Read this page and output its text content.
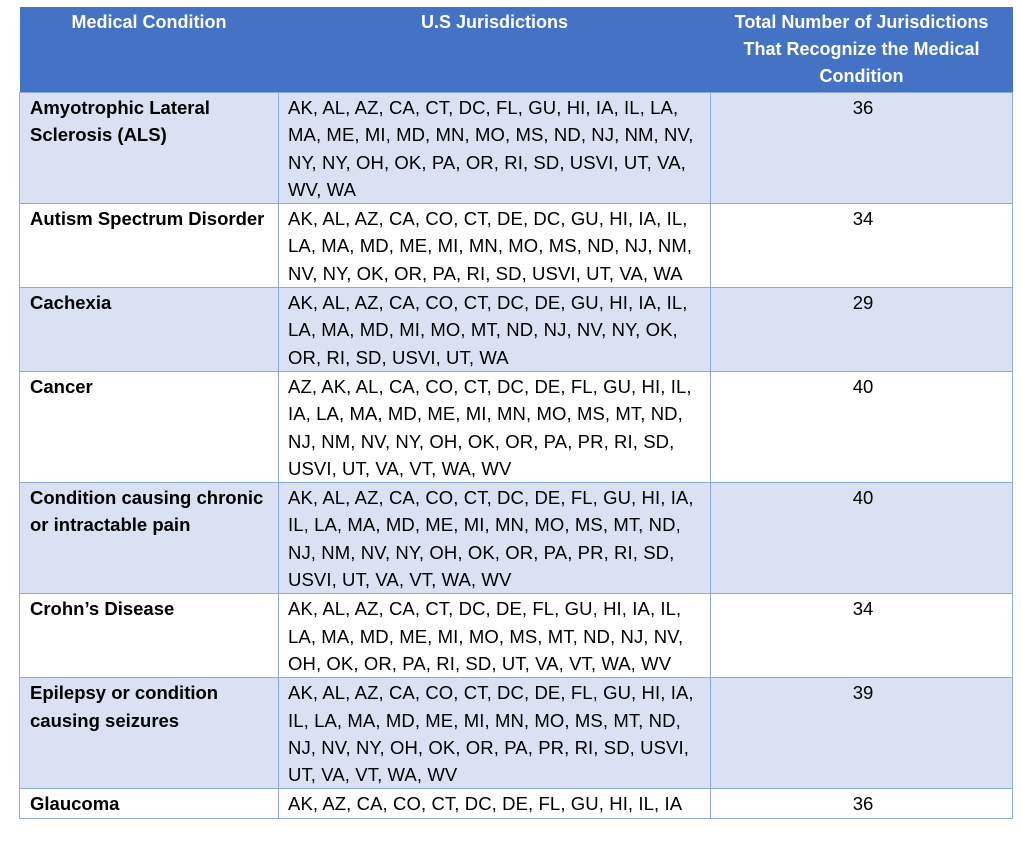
Medical Condition	U.S Jurisdictions	Total Number of Jurisdictions That Recognize the Medical Condition
Amyotrophic Lateral Sclerosis (ALS)	AK, AL, AZ, CA, CT, DC, FL, GU, HI, IA, IL, LA, MA, ME, MI, MD, MN, MO, MS, ND, NJ, NM, NV, NY, NY, OH, OK, PA, OR, RI, SD, USVI, UT, VA, WV, WA	36
Autism Spectrum Disorder	AK, AL, AZ, CA, CO, CT, DE, DC, GU, HI, IA, IL, LA, MA, MD, ME, MI, MN, MO, MS, ND, NJ, NM, NV, NY, OK, OR, PA, RI, SD, USVI, UT, VA, WA	34
Cachexia	AK, AL, AZ, CA, CO, CT, DC, DE, GU, HI, IA, IL, LA, MA, MD, MI, MO, MT, ND, NJ, NV, NY, OK, OR, RI, SD, USVI, UT, WA	29
Cancer	AZ, AK, AL, CA, CO, CT, DC, DE, FL, GU, HI, IL, IA, LA, MA, MD, ME, MI, MN, MO, MS, MT, ND, NJ, NM, NV, NY, OH, OK, OR, PA, PR, RI, SD, USVI, UT, VA, VT, WA, WV	40
Condition causing chronic or intractable pain	AK, AL, AZ, CA, CO, CT, DC, DE, FL, GU, HI, IA, IL, LA, MA, MD, ME, MI, MN, MO, MS, MT, ND, NJ, NM, NV, NY, OH, OK, OR, PA, PR, RI, SD, USVI, UT, VA, VT, WA, WV	40
Crohn’s Disease	AK, AL, AZ, CA, CT, DC, DE, FL, GU, HI, IA, IL, LA, MA, MD, ME, MI, MO, MS, MT, ND, NJ, NV, OH, OK, OR, PA, RI, SD, UT, VA, VT, WA, WV	34
Epilepsy or condition causing seizures	AK, AL, AZ, CA, CO, CT, DC, DE, FL, GU, HI, IA, IL, LA, MA, MD, ME, MI, MN, MO, MS, MT, ND, NJ, NV, NY, OH, OK, OR, PA, PR, RI, SD, USVI, UT, VA, VT, WA, WV	39
Glaucoma	AK, AZ, CA, CO, CT, DC, DE, FL, GU, HI, IL, IA	36
